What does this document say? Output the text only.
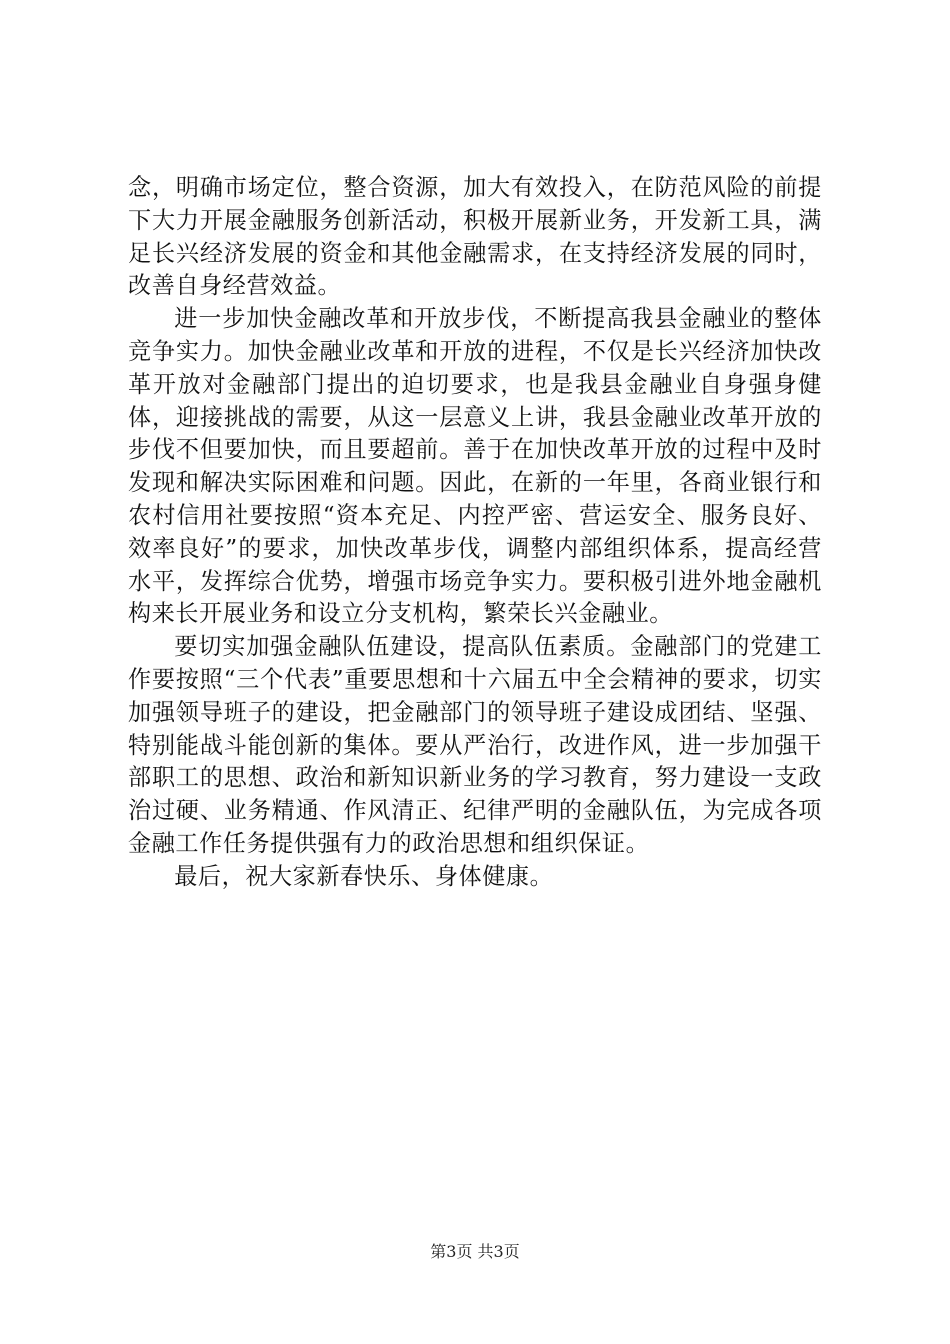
念，明确市场定位，整合资源，加大有效投入，在防范风险的前提下大力开展金融服务创新活动，积极开展新业务，开发新工具，满足长兴经济发展的资金和其他金融需求，在支持经济发展的同时，改善自身经营效益。

进一步加快金融改革和开放步伐，不断提高我县金融业的整体竞争实力。加快金融业改革和开放的进程，不仅是长兴经济加快改革开放对金融部门提出的迫切要求，也是我县金融业自身强身健体，迎接挑战的需要，从这一层意义上讲，我县金融业改革开放的步伐不但要加快，而且要超前。善于在加快改革开放的过程中及时发现和解决实际困难和问题。因此，在新的一年里，各商业银行和农村信用社要按照“资本充足、内控严密、营运安全、服务良好、效率良好”的要求，加快改革步伐，调整内部组织体系，提高经营水平，发挥综合优势，增强市场竞争实力。要积极引进外地金融机构来长开展业务和设立分支机构，繁荣长兴金融业。

要切实加强金融队伍建设，提高队伍素质。金融部门的党建工作要按照“三个代表”重要思想和十六届五中全会精神的要求，切实加强领导班子的建设，把金融部门的领导班子建设成团结、坚强、特别能战斗能创新的集体。要从严治行，改进作风，进一步加强干部职工的思想、政治和新知识新业务的学习教育，努力建设一支政治过硬、业务精通、作风清正、纪律严明的金融队伍，为完成各项金融工作任务提供强有力的政治思想和组织保证。

最后，祝大家新春快乐、身体健康。

第3页 共3页
